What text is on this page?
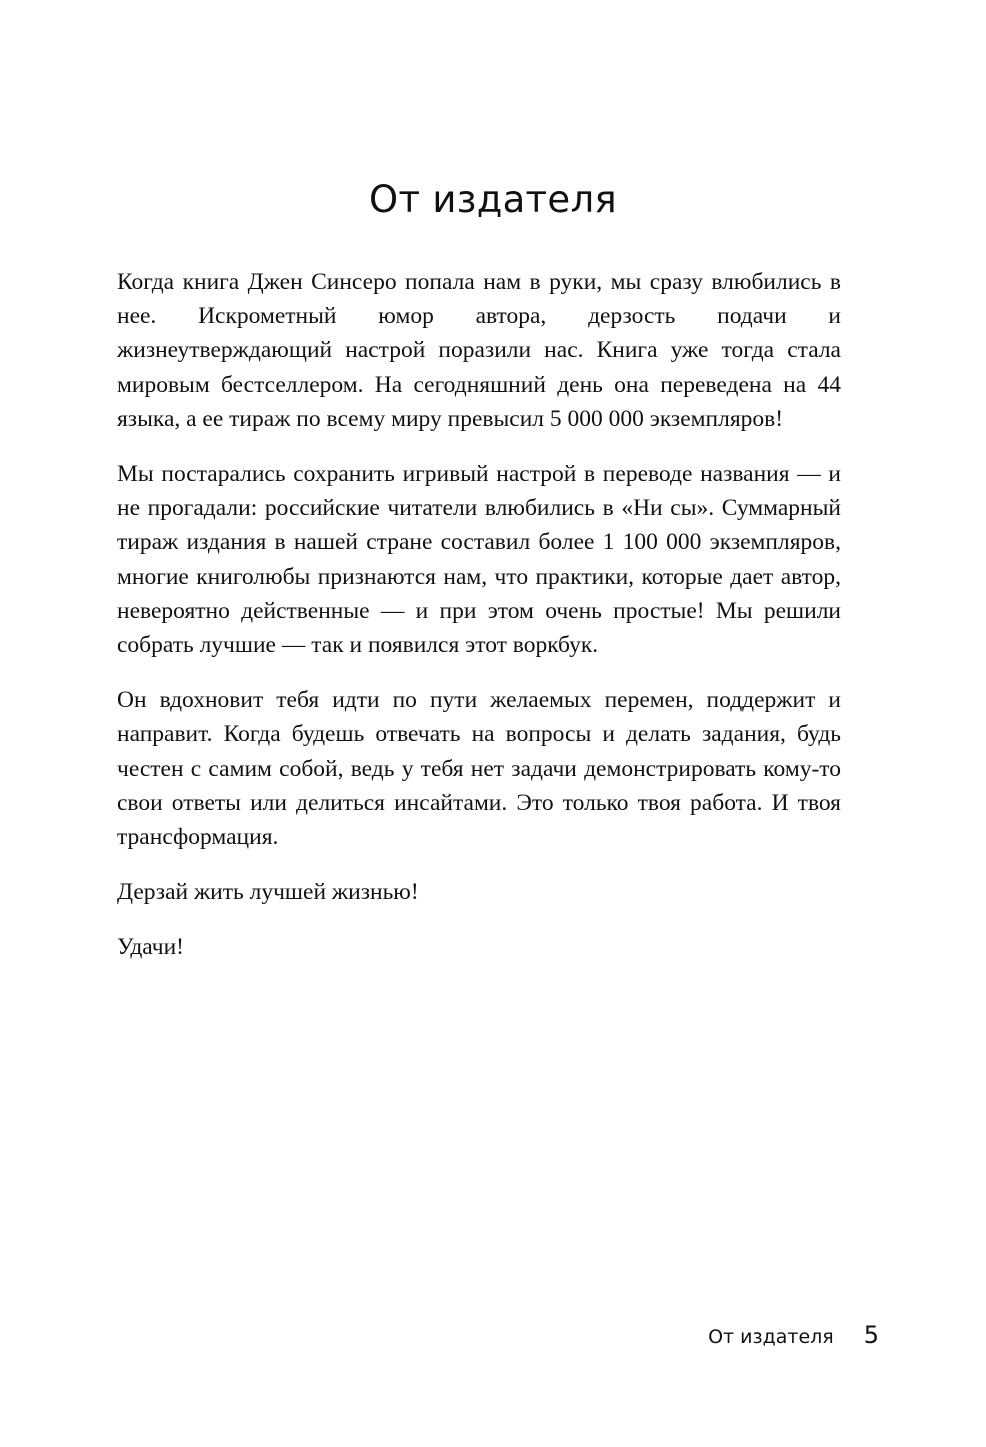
От издателя

Когда книга Джен Синсеро попала нам в руки, мы сразу влюбились в нее. Искрометный юмор автора, дерзость подачи и жизнеутверждающий настрой поразили нас. Книга уже тогда стала мировым бестселлером. На сегодняшний день она переведена на 44 языка, а ее тираж по всему миру превысил 5 000 000 экземпляров!

Мы постарались сохранить игривый настрой в переводе названия — и не прогадали: российские читатели влюбились в «Ни сы». Суммарный тираж издания в нашей стране составил более 1 100 000 экземпляров, многие книголюбы признаются нам, что практики, которые дает автор, невероятно действенные — и при этом очень простые! Мы решили собрать лучшие — так и появился этот воркбук.

Он вдохновит тебя идти по пути желаемых перемен, поддержит и направит. Когда будешь отвечать на вопросы и делать задания, будь честен с самим собой, ведь у тебя нет задачи демонстрировать кому-то свои ответы или делиться инсайтами. Это только твоя работа. И твоя трансформация.

Дерзай жить лучшей жизнью!

Удачи!

От издателя 5
